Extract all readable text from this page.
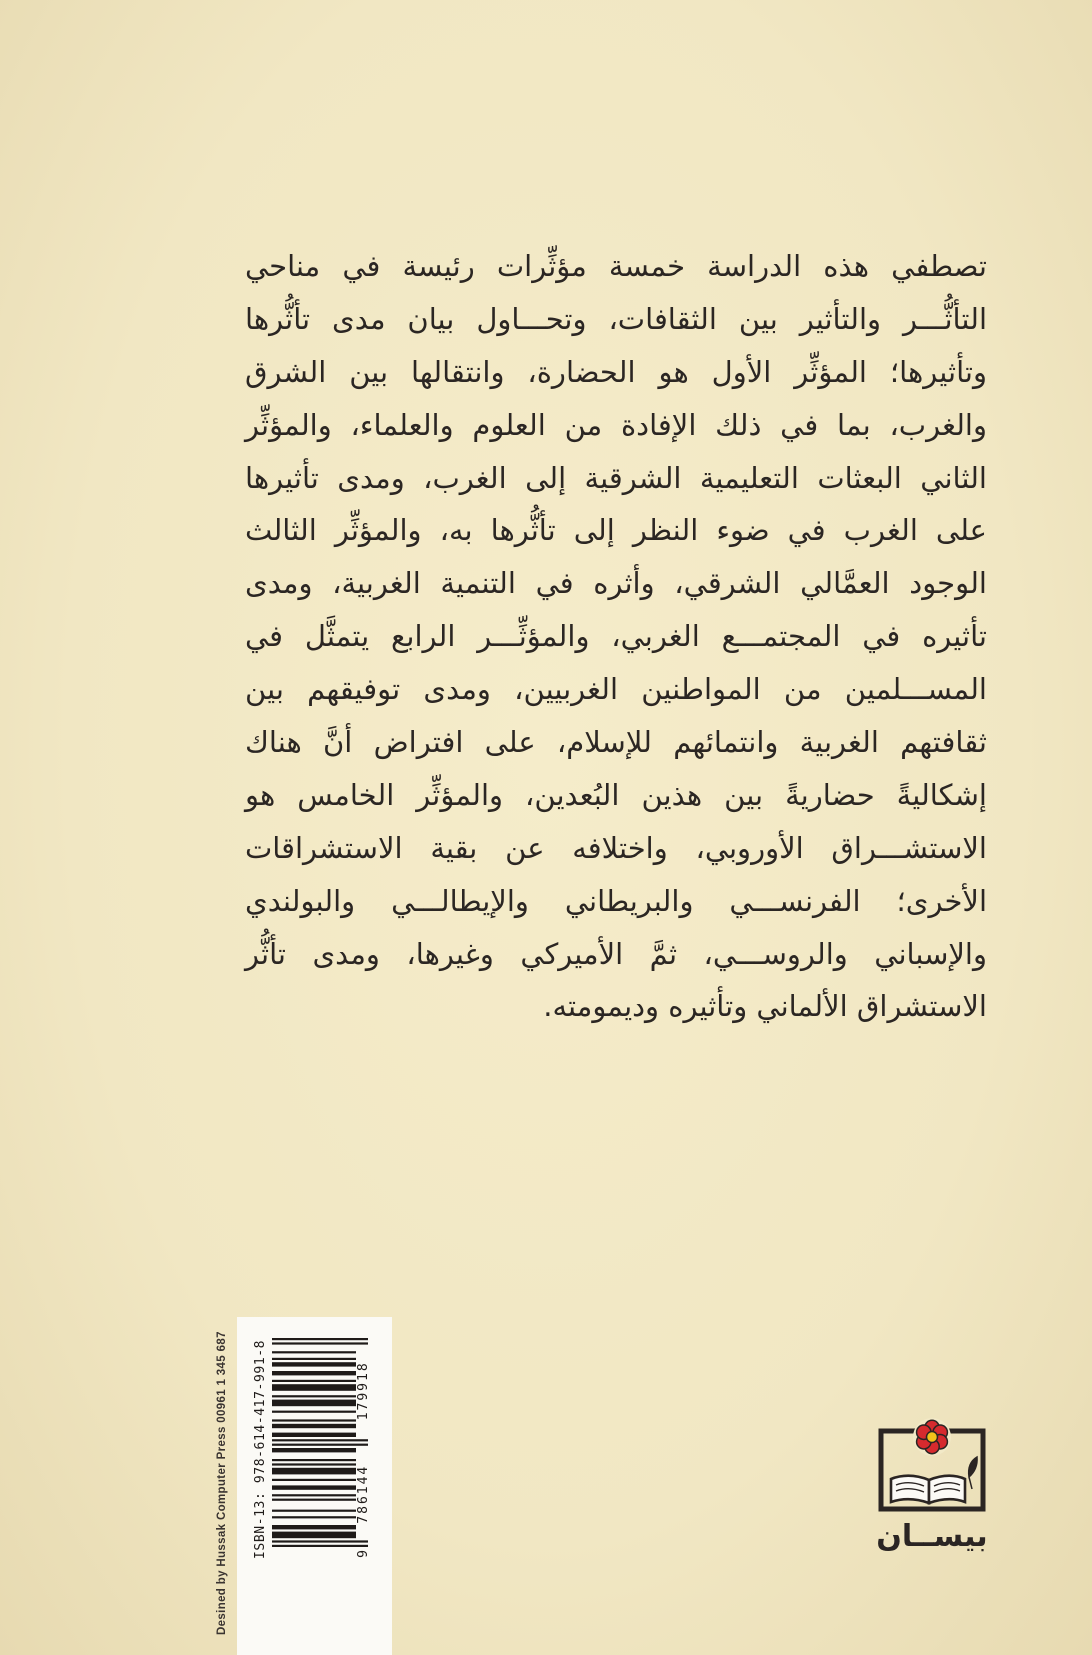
تصطفي هذه الدراسة خمسة مؤثِّرات رئيسة في مناحي
التأثُّـــر والتأثير بين الثقافات، وتحـــاول بيان مدى تأثُّرها
وتأثيرها؛ المؤثِّر الأول هو الحضارة، وانتقالها بين الشرق
والغرب، بما في ذلك الإفادة من العلوم والعلماء، والمؤثِّر
الثاني البعثات التعليمية الشرقية إلى الغرب، ومدى تأثيرها
على الغرب في ضوء النظر إلى تأثُّرها به، والمؤثِّر الثالث
الوجود العمَّالي الشرقي، وأثره في التنمية الغربية، ومدى
تأثيره في المجتمـــع الغربي، والمؤثِّـــر الرابع يتمثَّل في
المســـلمين من المواطنين الغربيين، ومدى توفيقهم بين
ثقافتهم الغربية وانتمائهم للإسلام، على افتراض أنَّ هناك
إشكاليةً حضاريةً بين هذين البُعدين، والمؤثِّر الخامس هو
الاستشـــراق الأوروبي، واختلافه عن بقية الاستشراقات
الأخرى؛ الفرنســـي والبريطاني والإيطالـــي والبولندي
والإسباني والروســـي، ثمَّ الأميركي وغيرها، ومدى تأثُّر
الاستشراق الألماني وتأثيره وديمومته.
Desined by Hussak Computer Press 00961 1 345 687 ISBN-13: 978-614-417-991-8	9
786144
179918
بيســان
